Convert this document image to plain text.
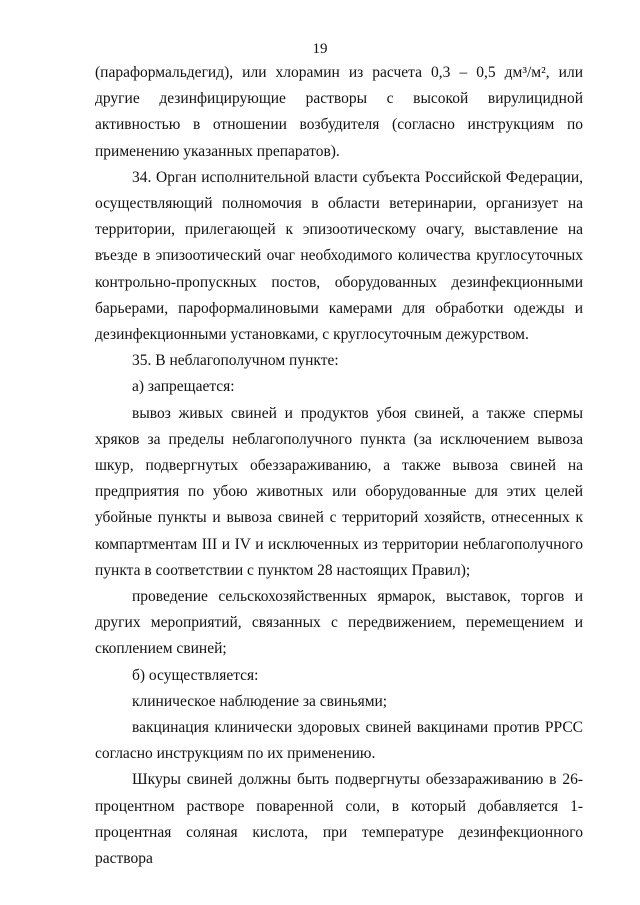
19

(параформальдегид), или хлорамин из расчета 0,3 – 0,5 дм³/м², или другие дезинфицирующие растворы с высокой вирулицидной активностью в отношении возбудителя (согласно инструкциям по применению указанных препаратов).

34. Орган исполнительной власти субъекта Российской Федерации, осуществляющий полномочия в области ветеринарии, организует на территории, прилегающей к эпизоотическому очагу, выставление на въезде в эпизоотический очаг необходимого количества круглосуточных контрольно-пропускных постов, оборудованных дезинфекционными барьерами, пароформалиновыми камерами для обработки одежды и дезинфекционными установками, с круглосуточным дежурством.

35. В неблагополучном пункте:

а) запрещается:

вывоз живых свиней и продуктов убоя свиней, а также спермы хряков за пределы неблагополучного пункта (за исключением вывоза шкур, подвергнутых обеззараживанию, а также вывоза свиней на предприятия по убою животных или оборудованные для этих целей убойные пункты и вывоза свиней с территорий хозяйств, отнесенных к компартментам III и IV и исключенных из территории неблагополучного пункта в соответствии с пунктом 28 настоящих Правил);

проведение сельскохозяйственных ярмарок, выставок, торгов и других мероприятий, связанных с передвижением, перемещением и скоплением свиней;

б) осуществляется:

клиническое наблюдение за свиньями;

вакцинация клинически здоровых свиней вакцинами против РРСС согласно инструкциям по их применению.

Шкуры свиней должны быть подвергнуты обеззараживанию в 26-процентном растворе поваренной соли, в который добавляется 1-процентная соляная кислота, при температуре дезинфекционного раствора
